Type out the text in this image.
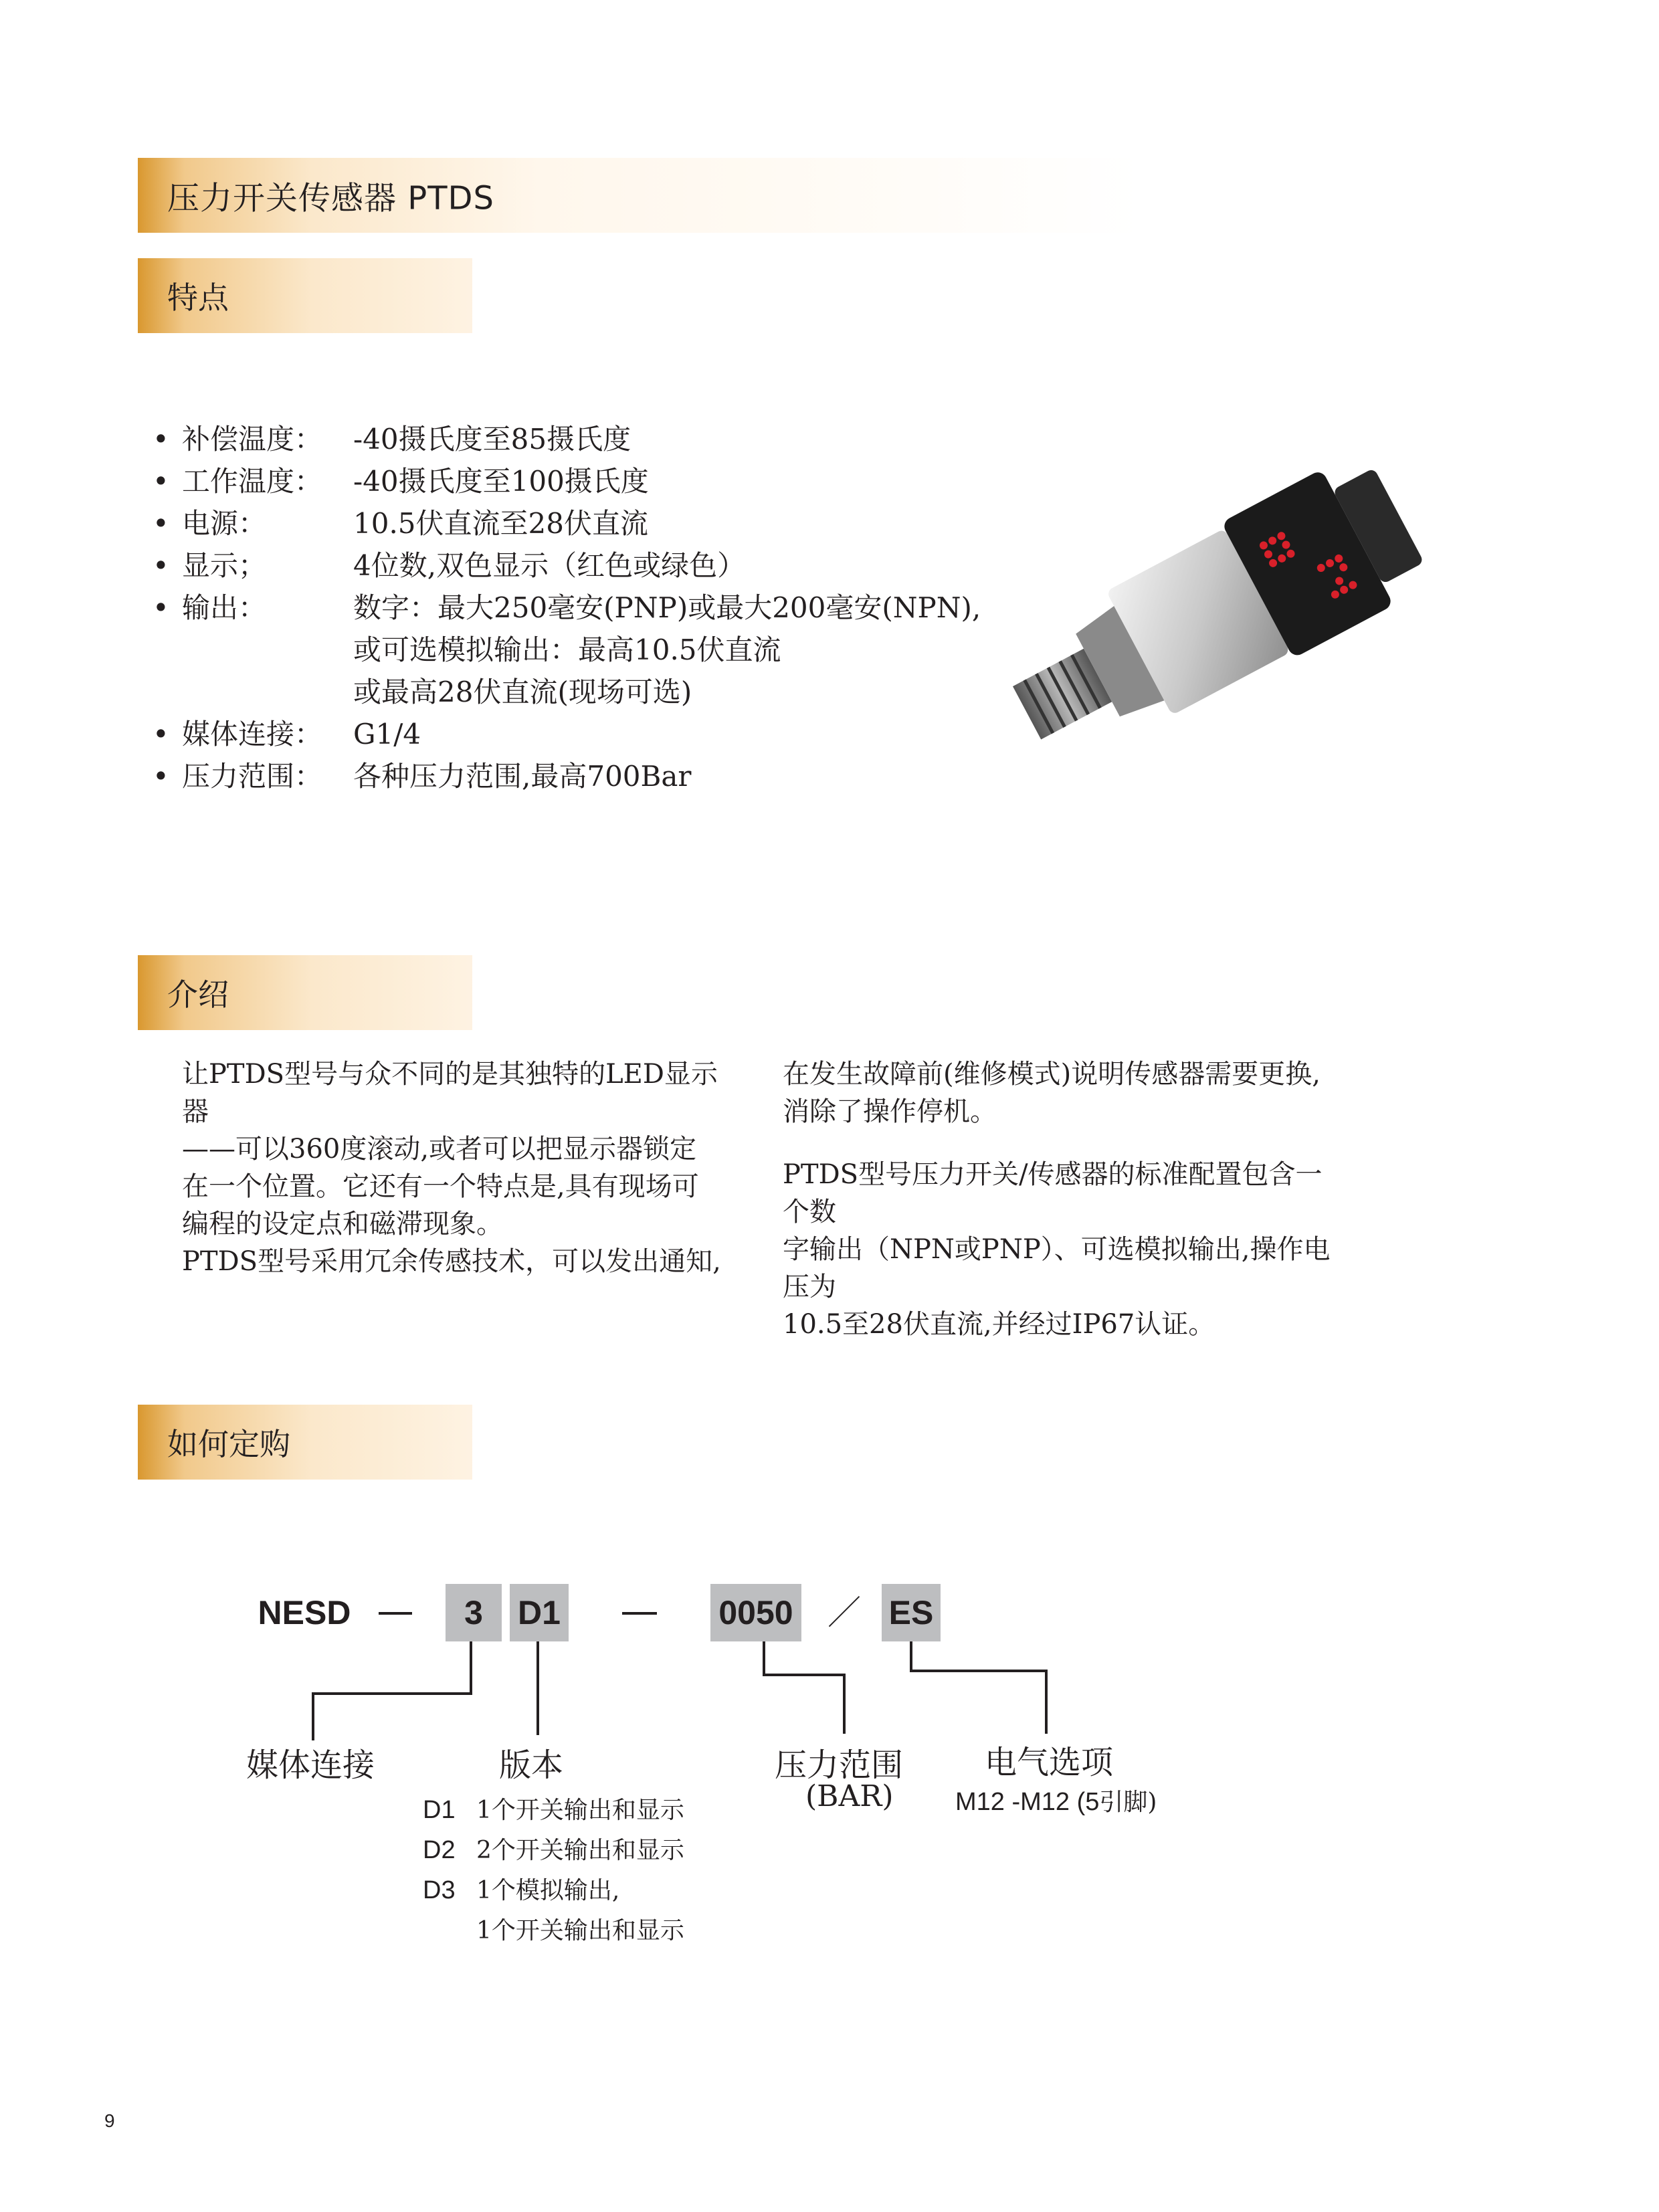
压力开关传感器 PTDS
特点
• 补偿温度： -40摄氏度至85摄氏度
• 工作温度： -40摄氏度至100摄氏度
• 电源：	10.5伏直流至28伏直流
• 显示；	4位数,双色显示（红色或绿色）
• 输出：	数字：最大250毫安(PNP)或最大200毫安(NPN),
或可选模拟输出：最高10.5伏直流
或最高28伏直流(现场可选)
• 媒体连接： G1/4
• 压力范围： 各种压力范围,最高700Bar
介绍

让PTDS型号与众不同的是其独特的LED显示器
——可以360度滚动,或者可以把显示器锁定
在一个位置。它还有一个特点是,具有现场可
编程的设定点和磁滞现象。
PTDS型号采用冗余传感技术，可以发出通知,

在发生故障前(维修模式)说明传感器需要更换,
消除了操作停机。

PTDS型号压力开关/传感器的标准配置包含一个数
字输出（NPN或PNP）、可选模拟输出,操作电压为
10.5至28伏直流,并经过IP67认证。

如何定购
NESD	3	D1	0050 ／ ES
媒体连接	版本	压力范围
(BAR)
电气选项
D1 1个开关输出和显示
D2 2个开关输出和显示
D3 1个模拟输出,
1个开关输出和显示
M12 -M12 (5引脚)
9
